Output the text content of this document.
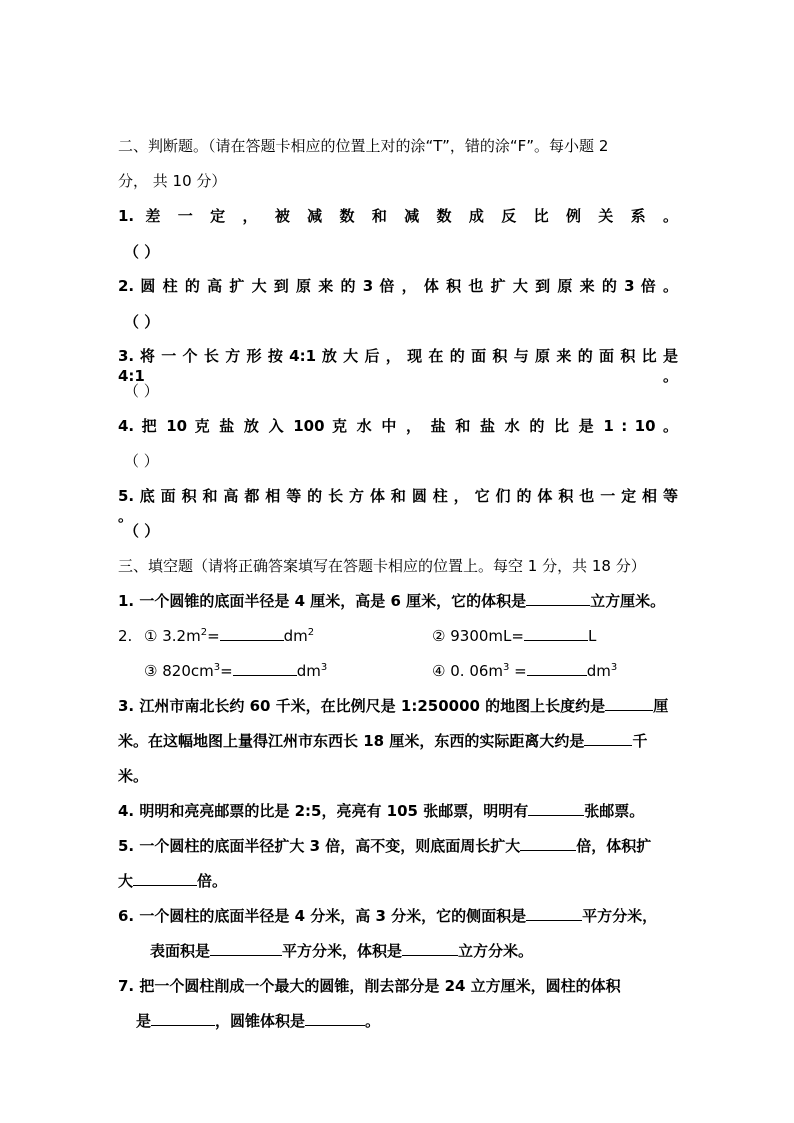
二、判断题。（请在答题卡相应的位置上对的涂“T”，错的涂“F”。每小题 2
分， 共 10 分）
1. 差 一 定 ， 被 减 数 和 减 数 成 反 比 例 关 系 。
（ ）
2. 圆 柱 的 高 扩 大 到 原 来 的 3 倍 ， 体 积 也 扩 大 到 原 来 的 3 倍 。
（ ）
3. 将 一 个 长 方 形 按 4:1 放 大 后 ， 现 在 的 面 积 与 原 来 的 面 积 比 是 4:1 。
（ ）
4. 把 10 克 盐 放 入 100 克 水 中 ， 盐 和 盐 水 的 比 是 1 : 10 。
（ ）
5. 底 面 积 和 高 都 相 等 的 长 方 体 和 圆 柱 ， 它 们 的 体 积 也 一 定 相 等 。
（ ）
三、填空题（请将正确答案填写在答题卡相应的位置上。每空 1 分，共 18 分）
1. 一个圆锥的底面半径是 4 厘米，高是 6 厘米，它的体积是	立方厘米。
2. ① $3.2m^2=$	$dm^2$	② 9300mL=	L
③ $820cm^3=$	$dm^3$	④ 0. $06m^3$ =	$dm^3$
3. 江州市南北长约 60 千米，在比例尺是 1:250000 的地图上长度约是	厘
米。在这幅地图上量得江州市东西长 18 厘米，东西的实际距离大约是	千
米。
4. 明明和亮亮邮票的比是 2:5，亮亮有 105 张邮票，明明有	张邮票。
5. 一个圆柱的底面半径扩大 3 倍，高不变，则底面周长扩大	倍，体积扩
大	倍。
6. 一个圆柱的底面半径是 4 分米，高 3 分米，它的侧面积是	平方分米，
表面积是	平方分米，体积是	立方分米。
7. 把一个圆柱削成一个最大的圆锥，削去部分是 24 立方厘米，圆柱的体积
是	，圆锥体积是	。
